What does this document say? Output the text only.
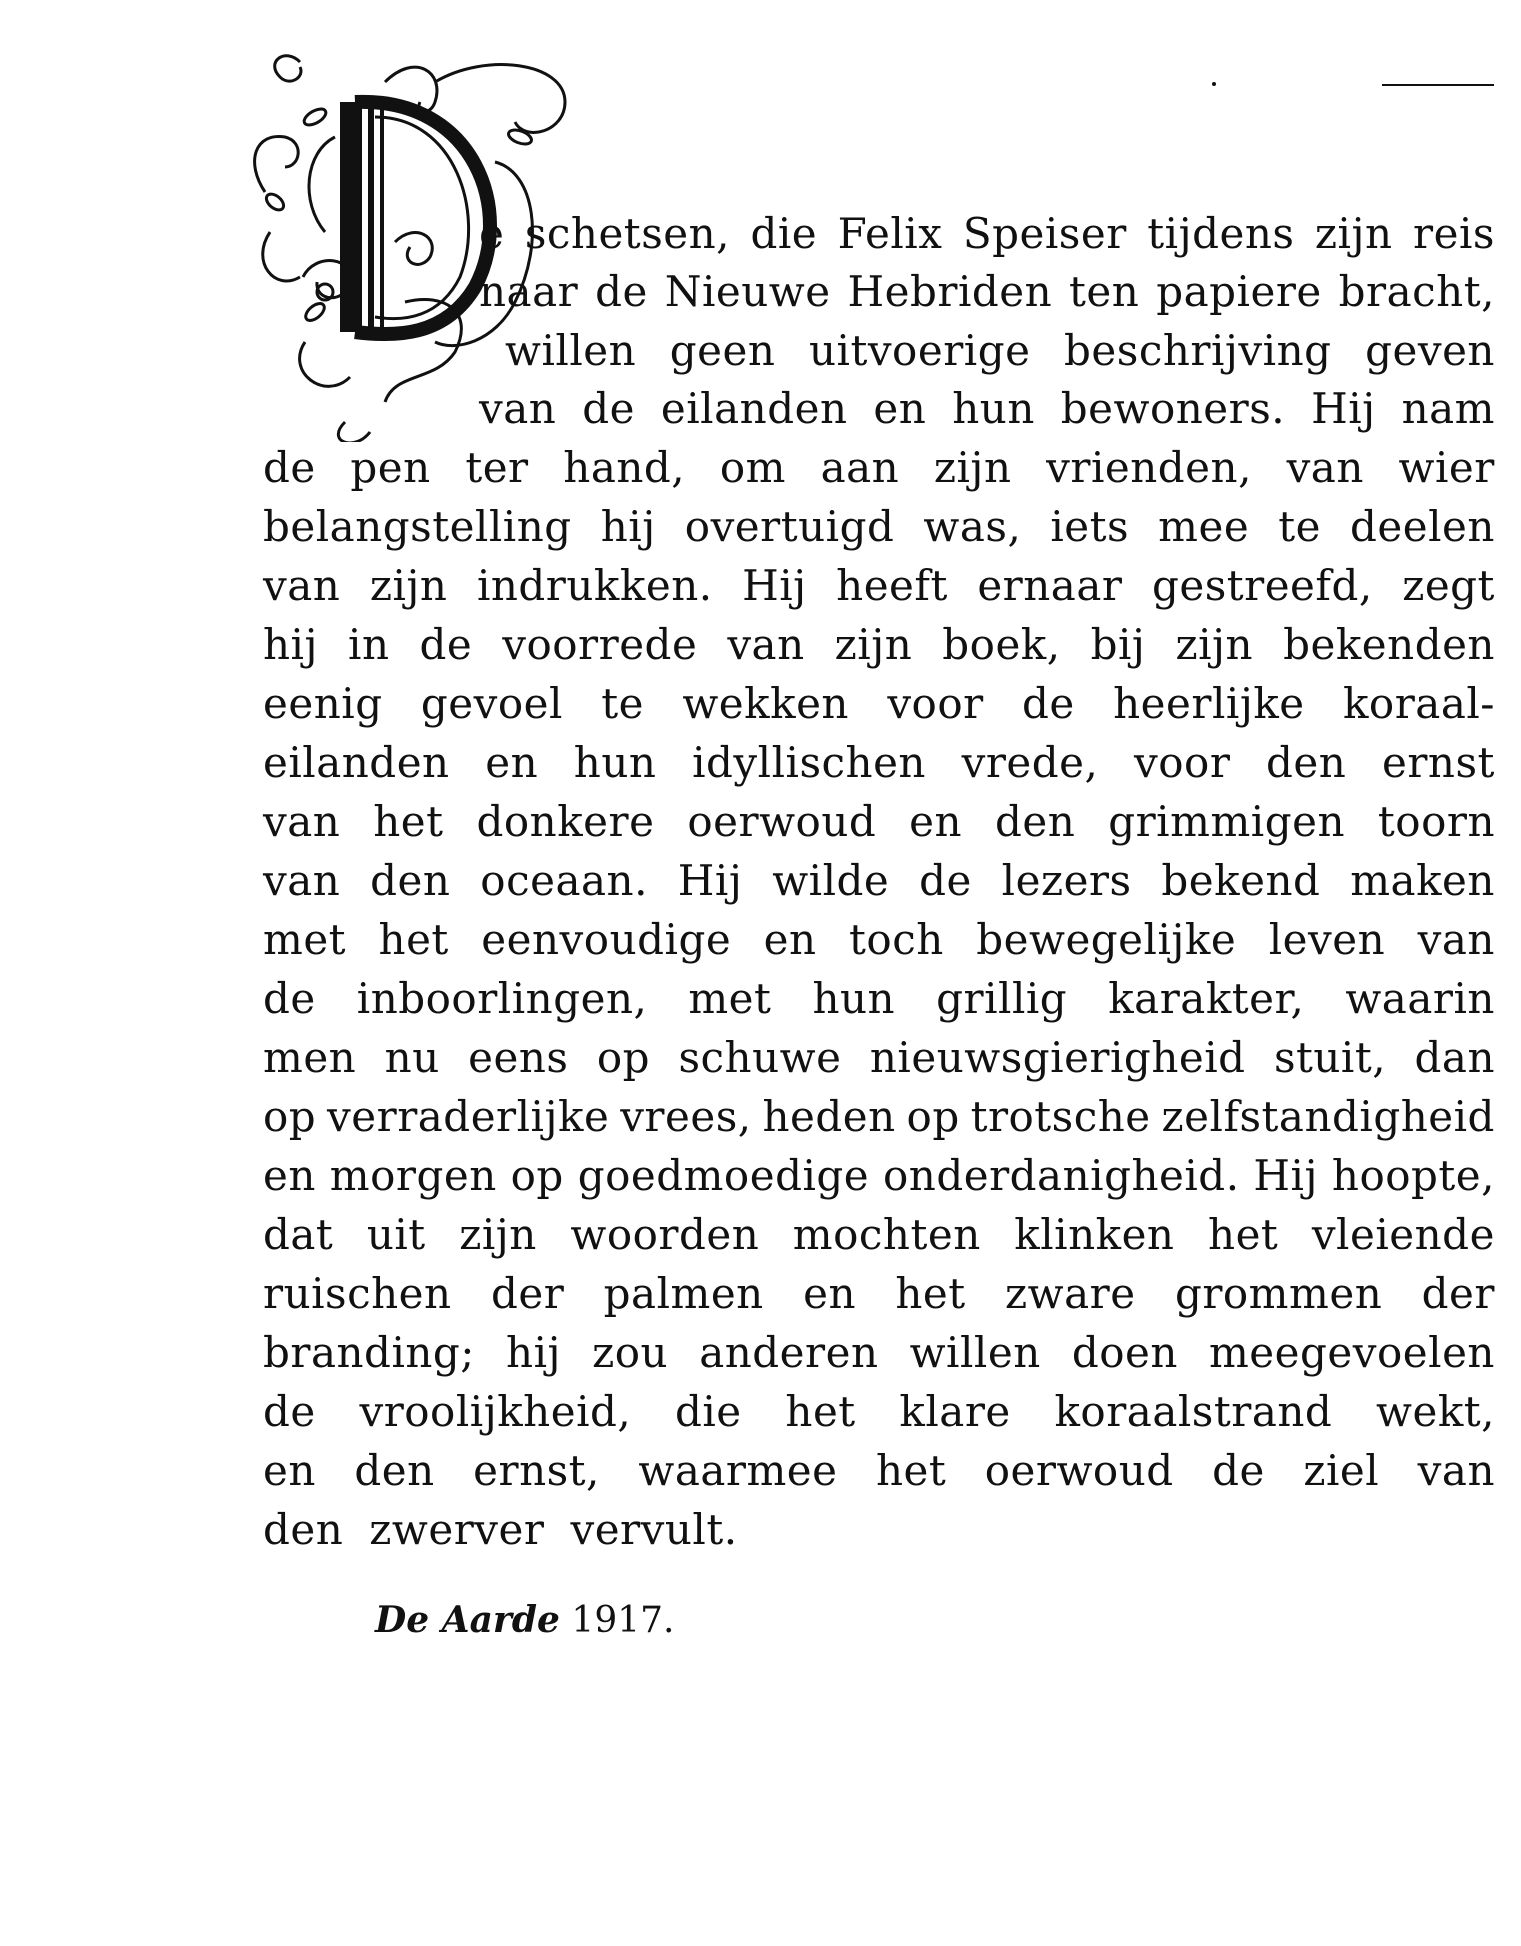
e schetsen, die Felix Speiser tijdens zijn reis
naar de Nieuwe Hebriden ten papiere bracht,
willen geen uitvoerige beschrijving geven
van de eilanden en hun bewoners. Hij nam
de pen ter hand, om aan zijn vrienden, van wier
belangstelling hij overtuigd was, iets mee te deelen
van zijn indrukken. Hij heeft ernaar gestreefd, zegt
hij in de voorrede van zijn boek, bij zijn bekenden
eenig gevoel te wekken voor de heerlijke koraal-
eilanden en hun idyllischen vrede, voor den ernst
van het donkere oerwoud en den grimmigen toorn
van den oceaan. Hij wilde de lezers bekend maken
met het eenvoudige en toch bewegelijke leven van
de inboorlingen, met hun grillig karakter, waarin
men nu eens op schuwe nieuwsgierigheid stuit, dan
op verraderlijke vrees, heden op trotsche zelfstandigheid
en morgen op goedmoedige onderdanigheid. Hij hoopte,
dat uit zijn woorden mochten klinken het vleiende
ruischen der palmen en het zware grommen der
branding; hij zou anderen willen doen meegevoelen
de vroolijkheid, die het klare koraalstrand wekt,
en den ernst, waarmee het oerwoud de ziel van
den zwerver vervult.
De Aarde 1917.
